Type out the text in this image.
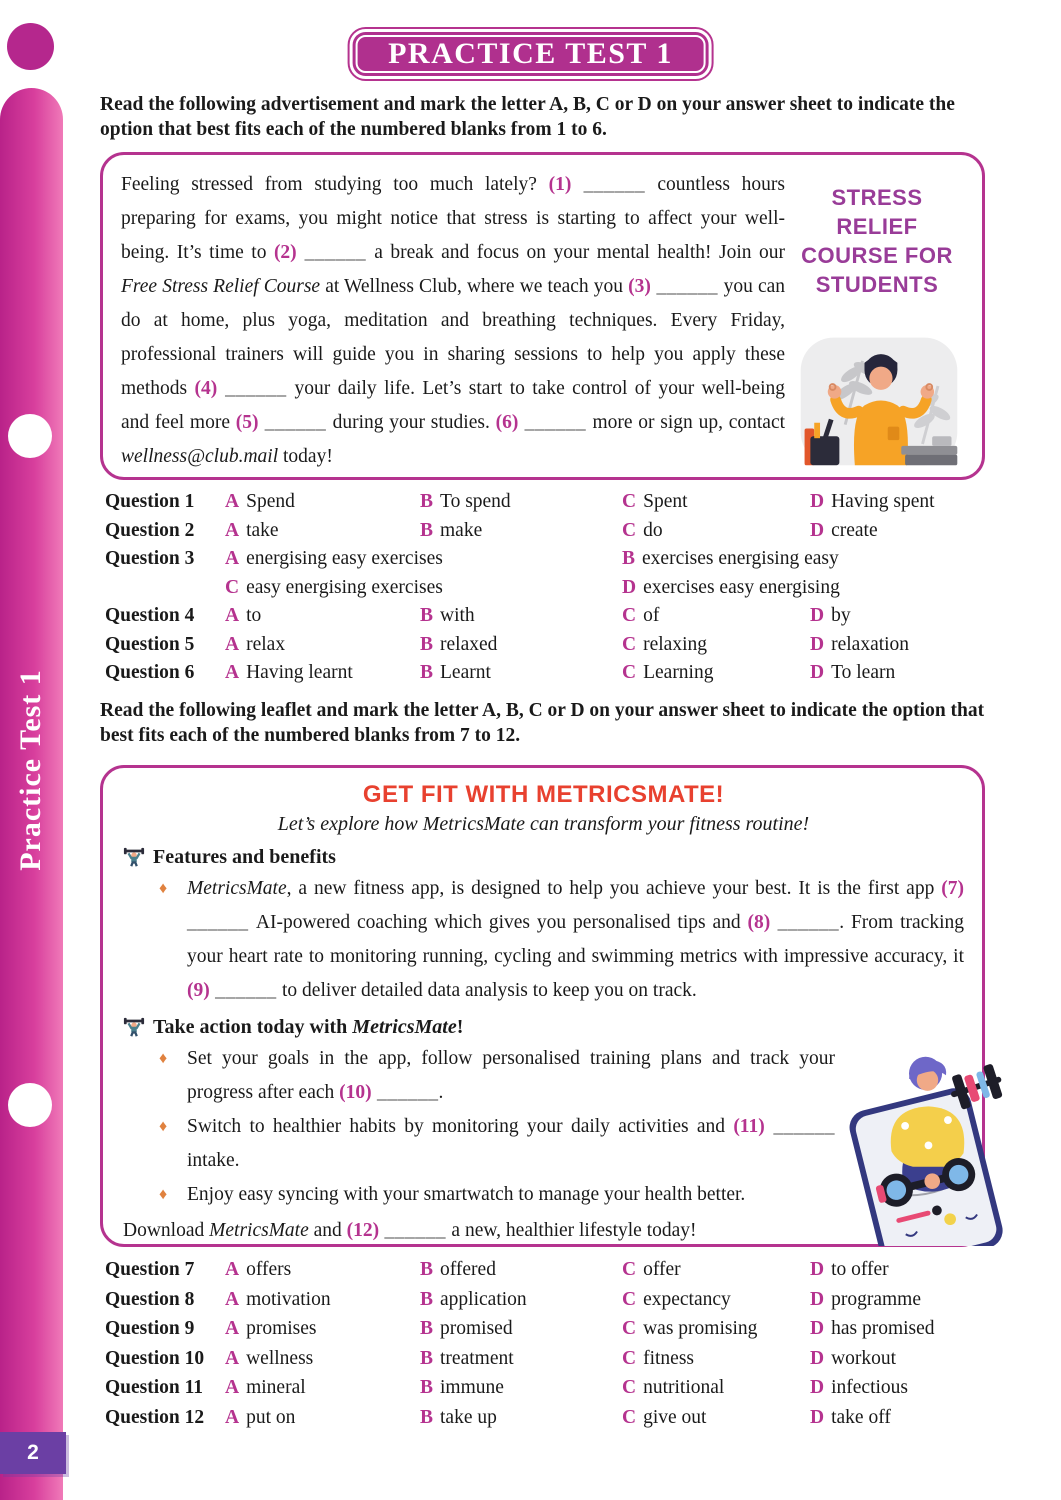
Practice Test 1
2
PRACTICE TEST 1

Read the following advertisement and mark the letter A, B, C or D on your answer sheet to indicate the option that best fits each of the numbered blanks from 1 to 6.

Feeling stressed from studying too much lately? (1) ______ countless hours preparing for exams, you might notice that stress is starting to affect your well-being. It’s time to (2) ______ a break and focus on your mental health! Join our Free Stress Relief Course at Wellness Club, where we teach you (3) ______ you can do at home, plus yoga, meditation and breathing techniques. Every Friday, professional trainers will guide you in sharing sessions to help you apply these methods (4) ______ your daily life. Let’s start to take control of your well-being and feel more (5) ______ during your studies. (6) ______ more or sign up, contact wellness@club.mail today!
STRESS RELIEF COURSE FOR STUDENTS
Question 1	A Spend	B To spend	C Spent	D Having spent
Question 2	A take	B make	C do	D create
Question 3	A energising easy exercises	B exercises energising easy
C easy energising exercises	D exercises easy energising
Question 4	A to	B with	C of	D by
Question 5	A relax	B relaxed	C relaxing	D relaxation
Question 6	A Having learnt	B Learnt	C Learning	D To learn

Read the following leaflet and mark the letter A, B, C or D on your answer sheet to indicate the option that best fits each of the numbered blanks from 7 to 12.

GET FIT WITH METRICSMATE!
Let’s explore how MetricsMate can transform your fitness routine!
Features and benefits
♦	MetricsMate, a new fitness app, is designed to help you achieve your best. It is the first app (7) ______ AI-powered coaching which gives you personalised tips and (8) ______. From tracking your heart rate to monitoring running, cycling and swimming metrics with impressive accuracy, it (9) ______ to deliver detailed data analysis to keep you on track.
Take action today with MetricsMate!
♦	Set your goals in the app, follow personalised training plans and track your progress after each (10) ______.
♦	Switch to healthier habits by monitoring your daily activities and (11) ______ intake.
♦	Enjoy easy syncing with your smartwatch to manage your health better.
Download MetricsMate and (12) ______ a new, healthier lifestyle today!
Question 7	A offers	B offered	C offer	D to offer
Question 8	A motivation	B application	C expectancy	D programme
Question 9	A promises	B promised	C was promising	D has promised
Question 10	A wellness	B treatment	C fitness	D workout
Question 11	A mineral	B immune	C nutritional	D infectious
Question 12	A put on	B take up	C give out	D take off
